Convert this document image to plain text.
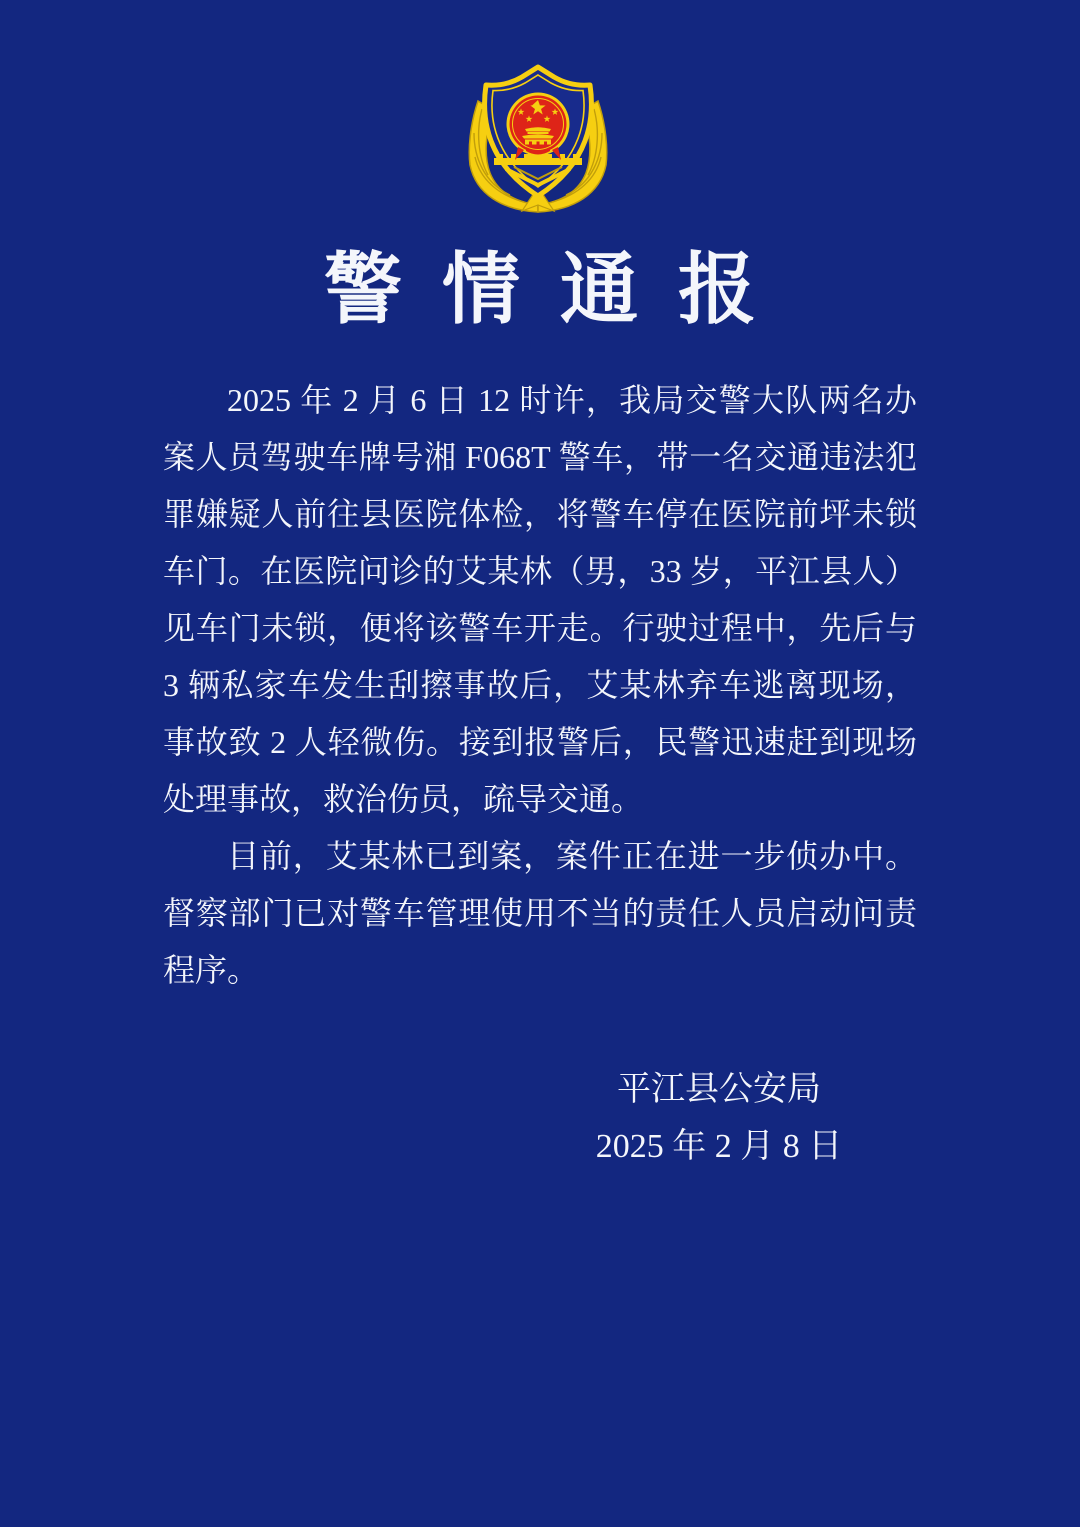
警情通报
2025 年 2 月 6 日 12 时许，我局交警大队两名办
案人员驾驶车牌号湘 F068T 警车，带一名交通违法犯
罪嫌疑人前往县医院体检，将警车停在医院前坪未锁
车门。在医院问诊的艾某林（男，33 岁，平江县人）
见车门未锁，便将该警车开走。行驶过程中，先后与
3 辆私家车发生刮擦事故后，艾某林弃车逃离现场，
事故致 2 人轻微伤。接到报警后，民警迅速赶到现场
处理事故，救治伤员，疏导交通。
目前，艾某林已到案，案件正在进一步侦办中。
督察部门已对警车管理使用不当的责任人员启动问责
程序。
平江县公安局
2025 年 2 月 8 日
